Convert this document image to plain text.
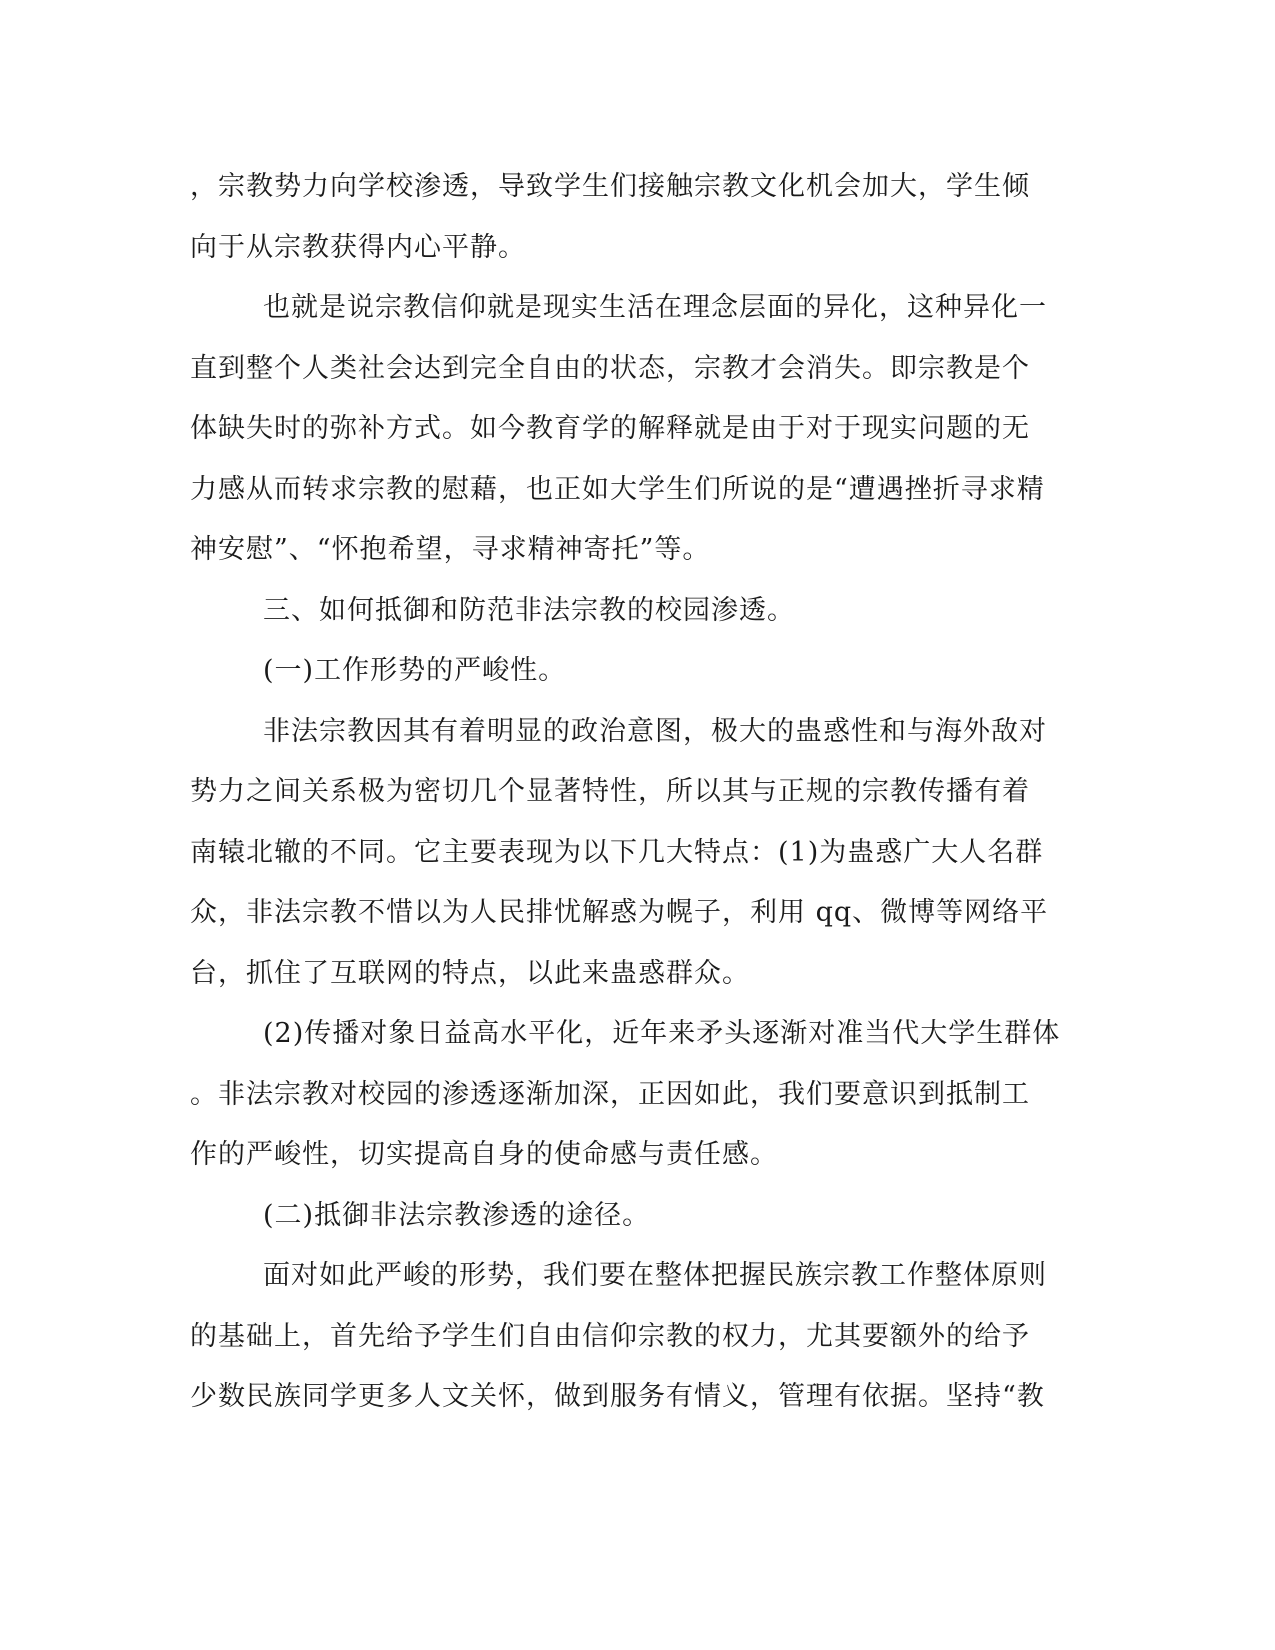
，宗教势力向学校渗透，导致学生们接触宗教文化机会加大，学生倾
向于从宗教获得内心平静。
也就是说宗教信仰就是现实生活在理念层面的异化，这种异化一
直到整个人类社会达到完全自由的状态，宗教才会消失。即宗教是个
体缺失时的弥补方式。如今教育学的解释就是由于对于现实问题的无
力感从而转求宗教的慰藉，也正如大学生们所说的是“遭遇挫折寻求精
神安慰”、“怀抱希望，寻求精神寄托”等。
三、如何抵御和防范非法宗教的校园渗透。
(一)工作形势的严峻性。
非法宗教因其有着明显的政治意图，极大的蛊惑性和与海外敌对
势力之间关系极为密切几个显著特性，所以其与正规的宗教传播有着
南辕北辙的不同。它主要表现为以下几大特点：(1)为蛊惑广大人名群
众，非法宗教不惜以为人民排忧解惑为幌子，利用 qq、微博等网络平
台，抓住了互联网的特点，以此来蛊惑群众。
(2)传播对象日益高水平化，近年来矛头逐渐对准当代大学生群体
。非法宗教对校园的渗透逐渐加深，正因如此，我们要意识到抵制工
作的严峻性，切实提高自身的使命感与责任感。
(二)抵御非法宗教渗透的途径。
面对如此严峻的形势，我们要在整体把握民族宗教工作整体原则
的基础上，首先给予学生们自由信仰宗教的权力，尤其要额外的给予
少数民族同学更多人文关怀，做到服务有情义，管理有依据。坚持“教
